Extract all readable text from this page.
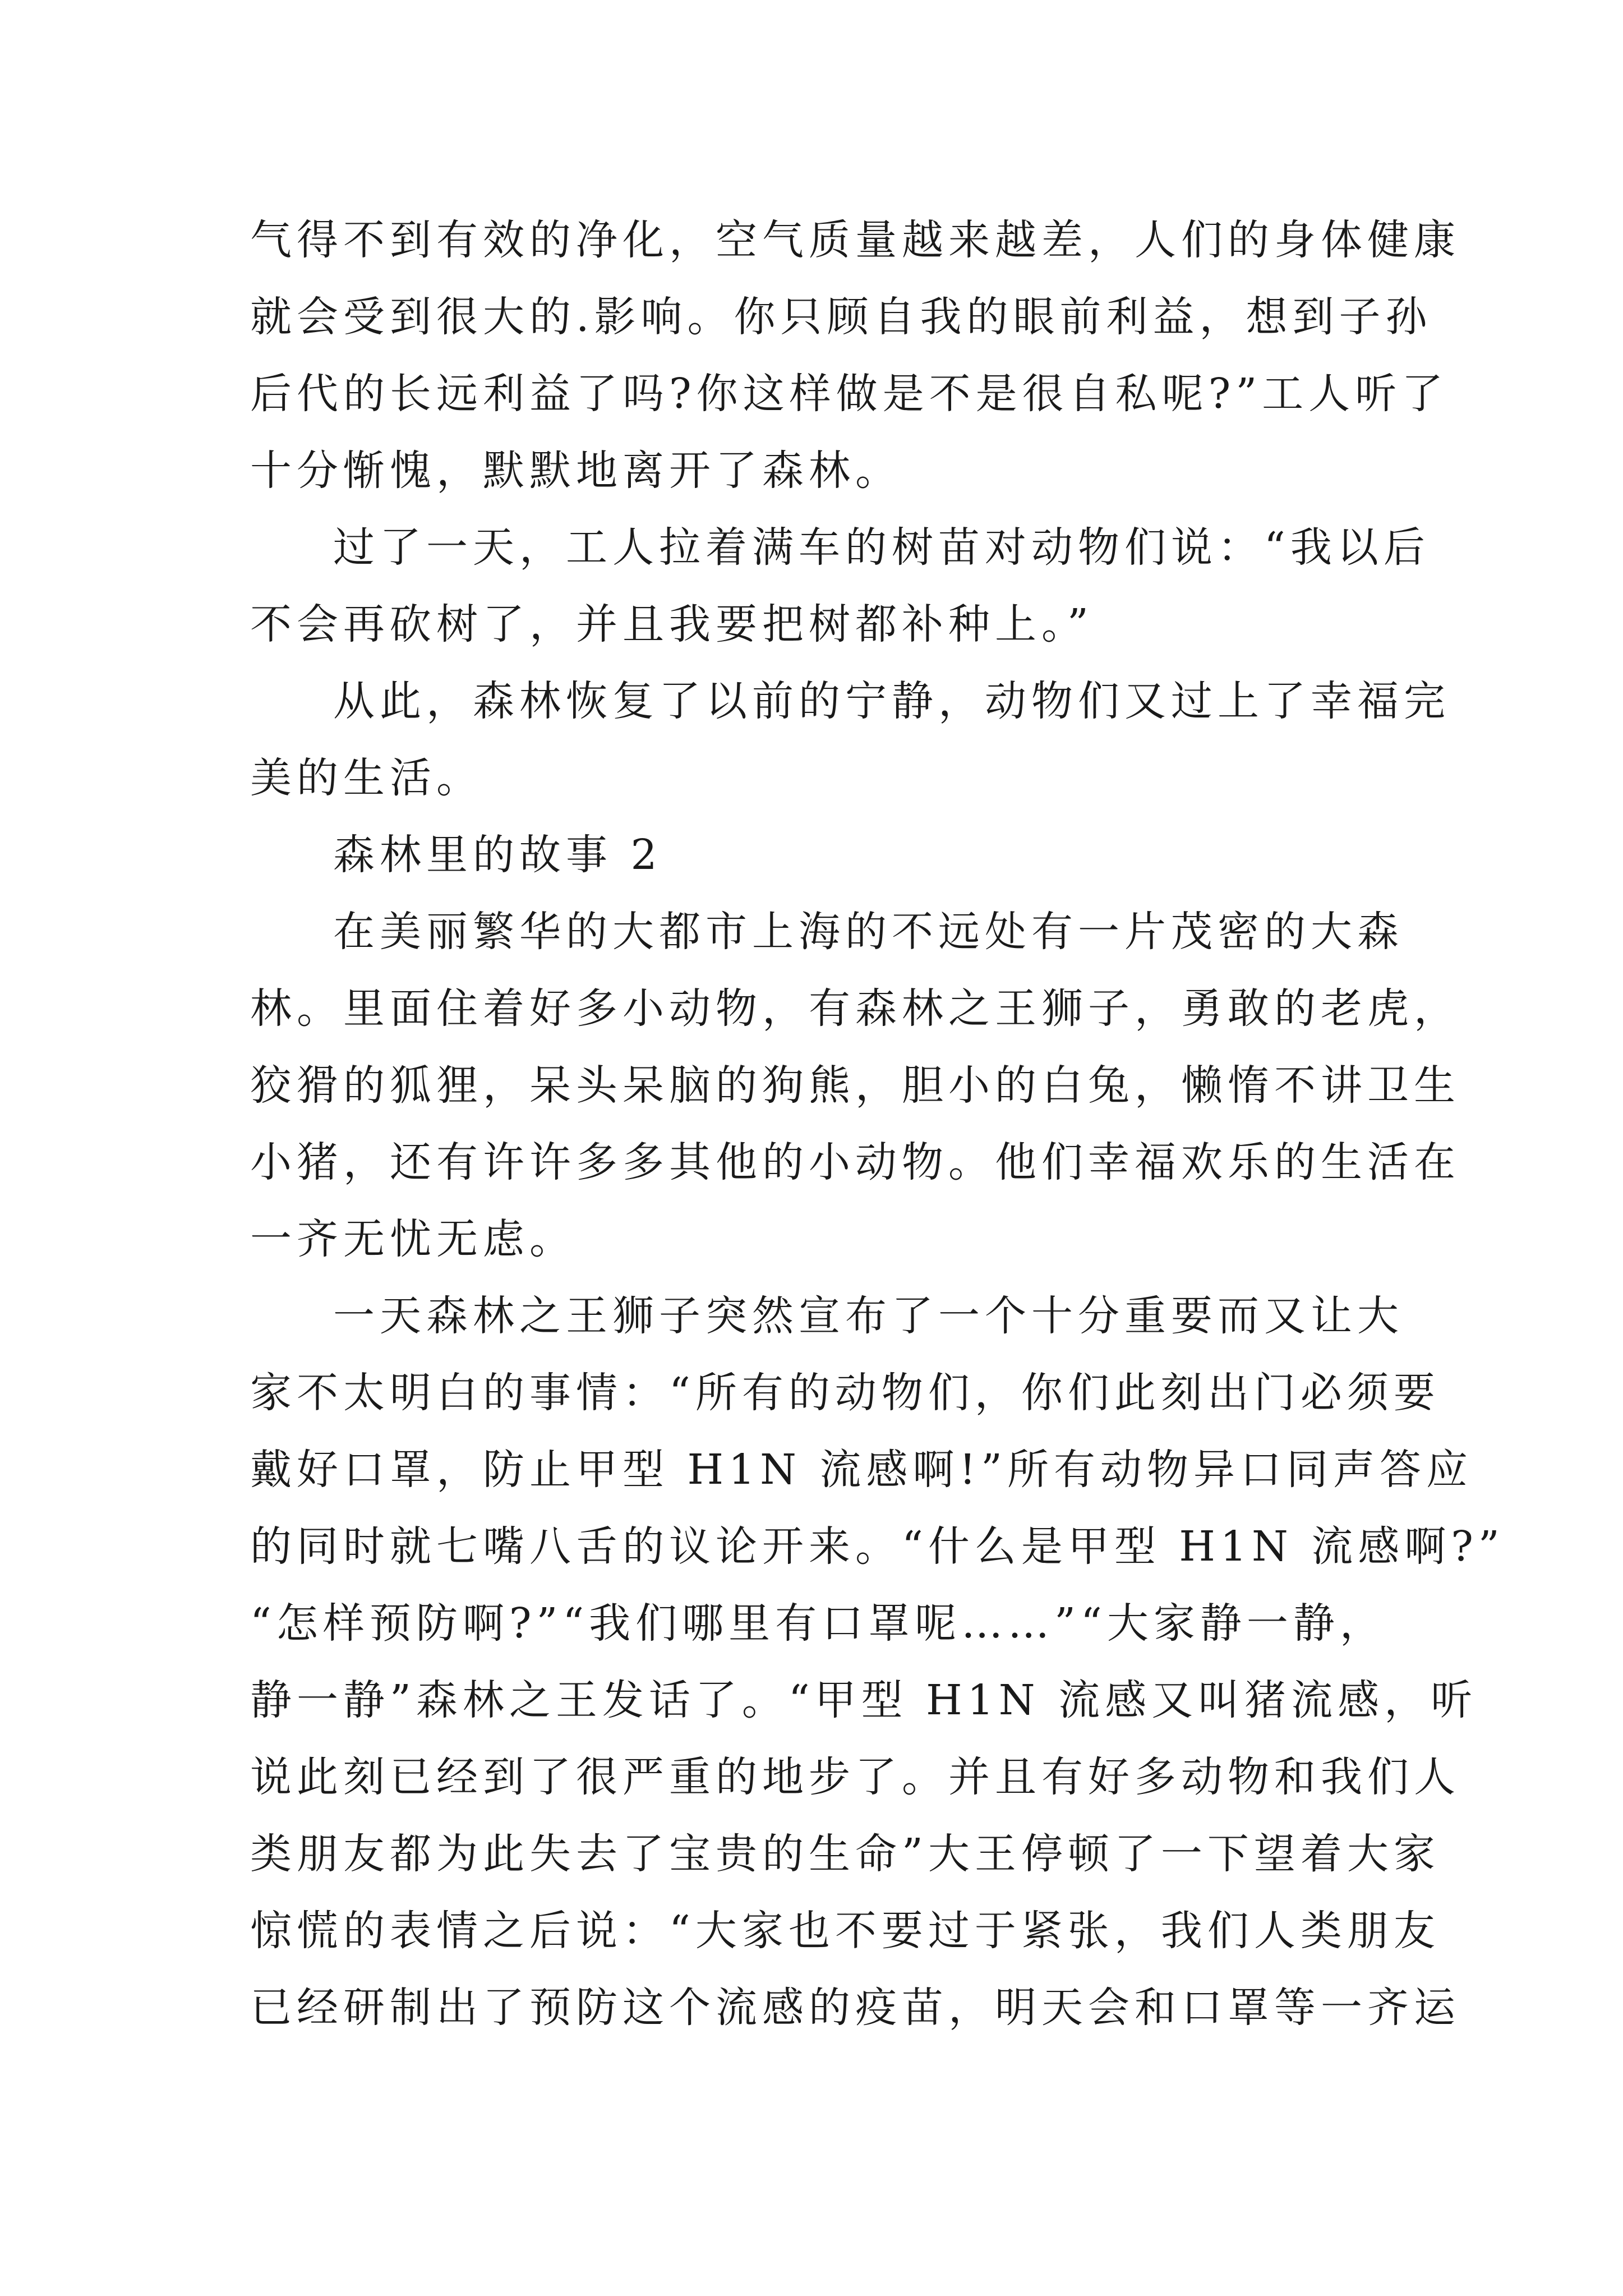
气得不到有效的净化，空气质量越来越差，人们的身体健康
就会受到很大的.影响。你只顾自我的眼前利益，想到子孙
后代的长远利益了吗?你这样做是不是很自私呢?”工人听了
十分惭愧，默默地离开了森林。
过了一天，工人拉着满车的树苗对动物们说：“我以后
不会再砍树了，并且我要把树都补种上。”
从此，森林恢复了以前的宁静，动物们又过上了幸福完
美的生活。
森林里的故事 2
在美丽繁华的大都市上海的不远处有一片茂密的大森
林。里面住着好多小动物，有森林之王狮子，勇敢的老虎，
狡猾的狐狸，呆头呆脑的狗熊，胆小的白兔，懒惰不讲卫生
小猪，还有许许多多其他的小动物。他们幸福欢乐的生活在
一齐无忧无虑。
一天森林之王狮子突然宣布了一个十分重要而又让大
家不太明白的事情：“所有的动物们，你们此刻出门必须要
戴好口罩，防止甲型 H1N 流感啊!”所有动物异口同声答应
的同时就七嘴八舌的议论开来。“什么是甲型 H1N 流感啊?”
“怎样预防啊?”“我们哪里有口罩呢……”“大家静一静，
静一静”森林之王发话了。“甲型 H1N 流感又叫猪流感，听
说此刻已经到了很严重的地步了。并且有好多动物和我们人
类朋友都为此失去了宝贵的生命”大王停顿了一下望着大家
惊慌的表情之后说：“大家也不要过于紧张，我们人类朋友
已经研制出了预防这个流感的疫苗，明天会和口罩等一齐运
